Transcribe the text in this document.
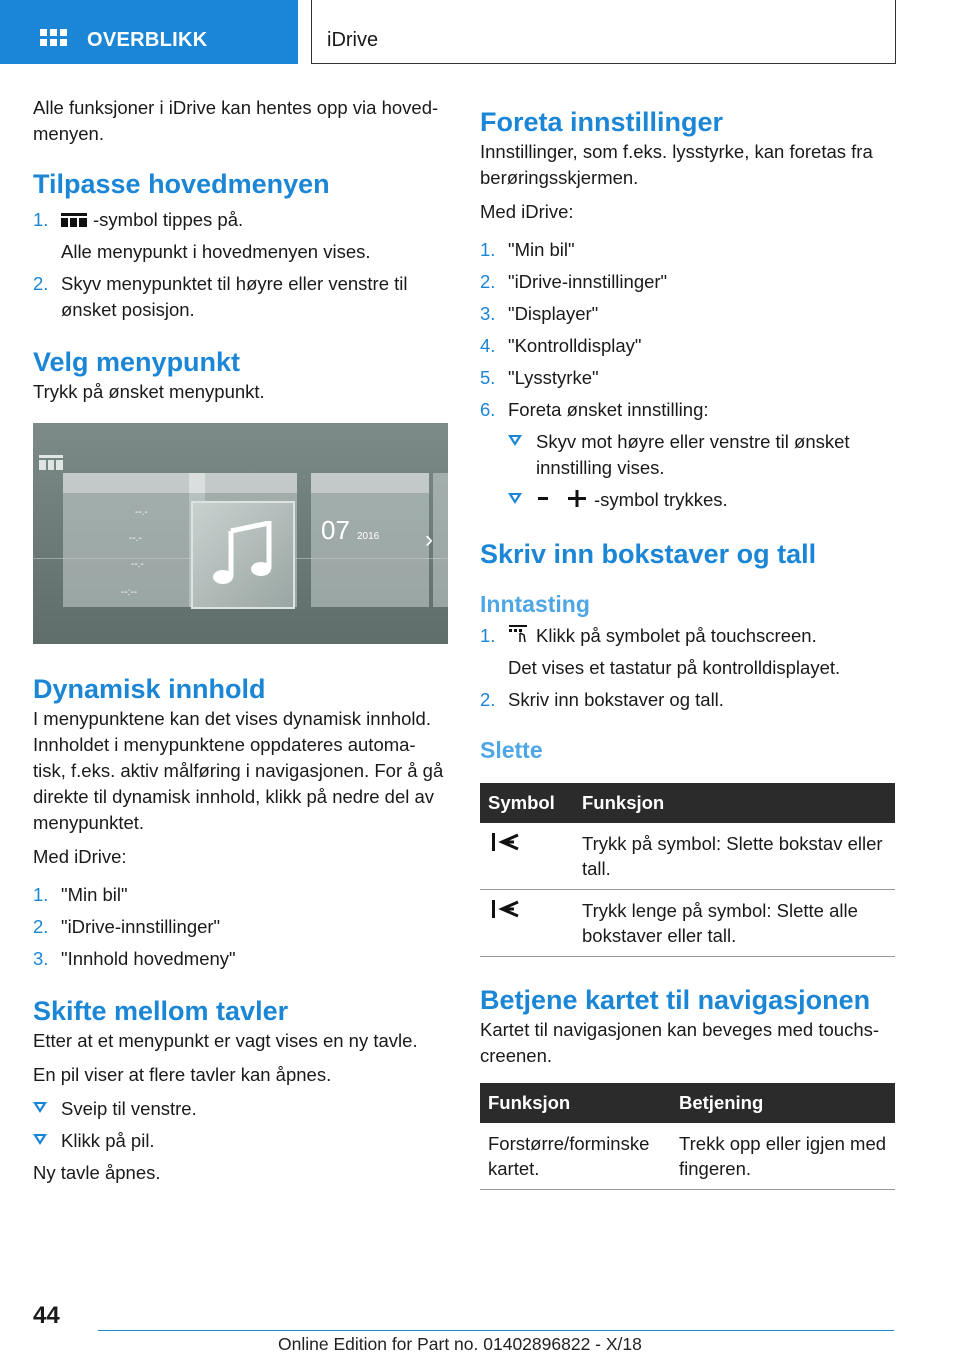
OVERBLIKK	iDrive

Alle funksjoner i iDrive kan hentes opp via hoved-menyen.

Tilpasse hovedmenyen
1. -symbol tippes på.
Alle menypunkt i hovedmenyen vises.
2. Skyv menypunktet til høyre eller venstre til ønsket posisjon.
Velg menypunkt

Trykk på ønsket menypunkt.

--.-
--.-
--.-
--:--
07 2016 ›
Dynamisk innhold

I menypunktene kan det vises dynamisk innhold. Innholdet i menypunktene oppdateres automa-tisk, f.eks. aktiv målføring i navigasjonen. For å gå direkte til dynamisk innhold, klikk på nedre del av menypunktet.

Med iDrive:

1. "Min bil"
2. "iDrive-innstillinger"
3. "Innhold hovedmeny"
Skifte mellom tavler

Etter at et menypunkt er vagt vises en ny tavle.

En pil viser at flere tavler kan åpnes.

Sveip til venstre.
Klikk på pil.

Ny tavle åpnes.

Foreta innstillinger

Innstillinger, som f.eks. lysstyrke, kan foretas fra berøringsskjermen.

Med iDrive:

1. "Min bil"
2. "iDrive-innstillinger"
3. "Displayer"
4. "Kontrolldisplay"
5. "Lysstyrke"
6. Foreta ønsket innstilling:
Skyv mot høyre eller venstre til ønsket innstilling vises.
-symbol trykkes.
Skriv inn bokstaver og tall
Inntasting
1. Klikk på symbolet på touchscreen.
Det vises et tastatur på kontrolldisplayet.
2. Skriv inn bokstaver og tall.
Slette
Symbol	Funksjon
	Trykk på symbol: Slette bokstav eller tall.
	Trykk lenge på symbol: Slette alle bokstaver eller tall.
Betjene kartet til navigasjonen

Kartet til navigasjonen kan beveges med touchs-creenen.

Funksjon	Betjening
Forstørre/forminske kartet.	Trekk opp eller igjen med fingeren.
44
Online Edition for Part no. 01402896822 - X/18
